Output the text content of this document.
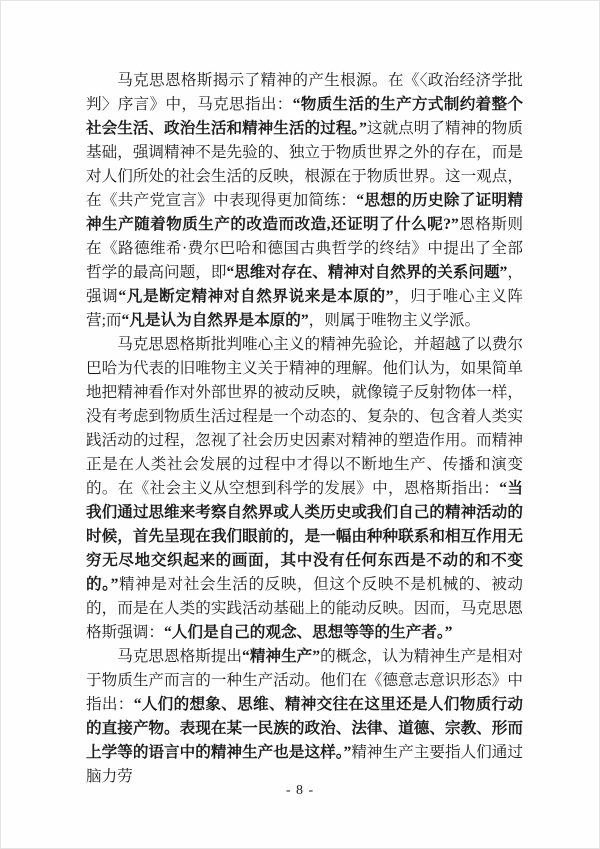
马克思恩格斯揭示了精神的产生根源。在《〈政治经济学批判〉序言》中，马克思指出：“物质生活的生产方式制约着整个社会生活、政治生活和精神生活的过程。”这就点明了精神的物质基础，强调精神不是先验的、独立于物质世界之外的存在，而是对人们所处的社会生活的反映，根源在于物质世界。这一观点，在《共产党宣言》中表现得更加简练：“思想的历史除了证明精神生产随着物质生产的改造而改造,还证明了什么呢?”恩格斯则在《路德维希·费尔巴哈和德国古典哲学的终结》中提出了全部哲学的最高问题，即“思维对存在、精神对自然界的关系问题”，强调“凡是断定精神对自然界说来是本原的”，归于唯心主义阵营;而“凡是认为自然界是本原的”，则属于唯物主义学派。

马克思恩格斯批判唯心主义的精神先验论，并超越了以费尔巴哈为代表的旧唯物主义关于精神的理解。他们认为，如果简单地把精神看作对外部世界的被动反映，就像镜子反射物体一样，没有考虑到物质生活过程是一个动态的、复杂的、包含着人类实践活动的过程，忽视了社会历史因素对精神的塑造作用。而精神正是在人类社会发展的过程中才得以不断地生产、传播和演变的。在《社会主义从空想到科学的发展》中，恩格斯指出：“当我们通过思维来考察自然界或人类历史或我们自己的精神活动的时候，首先呈现在我们眼前的，是一幅由种种联系和相互作用无穷无尽地交织起来的画面，其中没有任何东西是不动的和不变的。”精神是对社会生活的反映，但这个反映不是机械的、被动的，而是在人类的实践活动基础上的能动反映。因而，马克思恩格斯强调：“人们是自己的观念、思想等等的生产者。”

马克思恩格斯提出“精神生产”的概念，认为精神生产是相对于物质生产而言的一种生产活动。他们在《德意志意识形态》中指出：“人们的想象、思维、精神交往在这里还是人们物质行动的直接产物。表现在某一民族的政治、法律、道德、宗教、形而上学等的语言中的精神生产也是这样。”精神生产主要指人们通过脑力劳

- 8 -
